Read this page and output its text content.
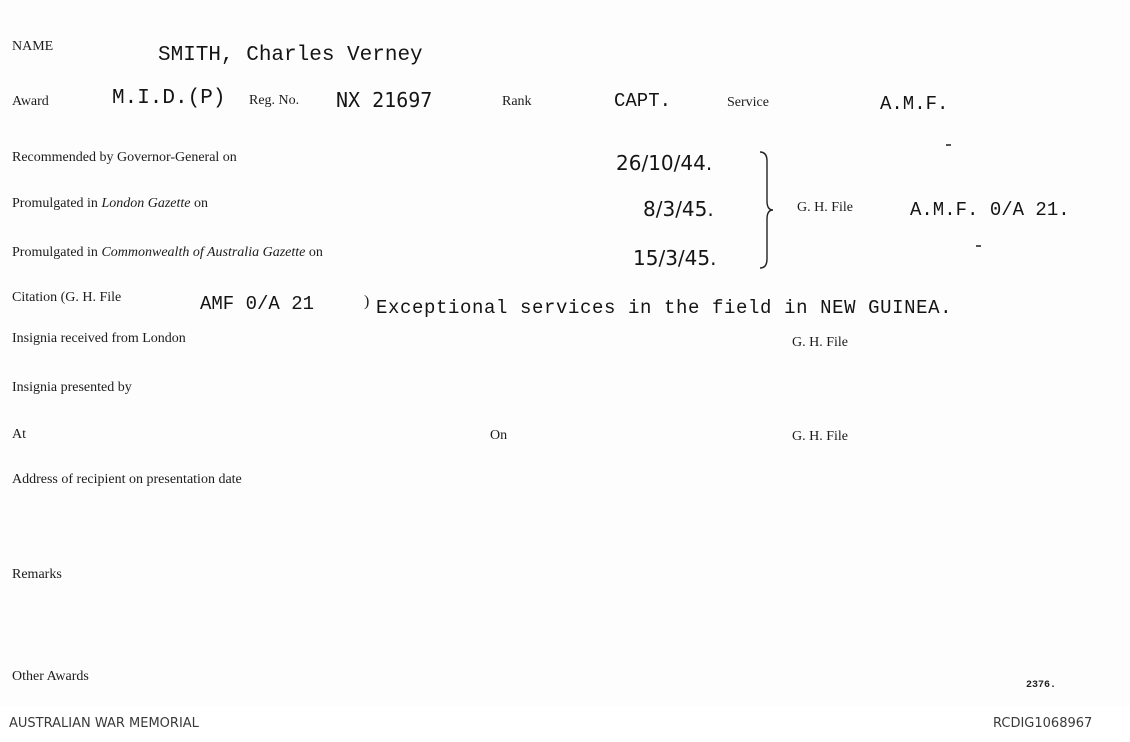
NAME	SMITH, Charles Verney
Award	M.I.D.(P) Reg. No. NX 21697	Rank	CAPT.	Service	A.M.F.
Recommended by Governor-General on	26/10/44.
Promulgated in London Gazette on	8/3/45.
Promulgated in Commonwealth of Australia Gazette on	15/3/45.
G. H. File	A.M.F. 0/A 21.
Citation (G. H. File	AMF 0/A 21	) Exceptional services in the field in NEW GUINEA.
Insignia received from London	G. H. File
Insignia presented by
At	On	G. H. File
Address of recipient on presentation date
Remarks
Other Awards
2376.
AUSTRALIAN WAR MEMORIAL	RCDIG1068967
